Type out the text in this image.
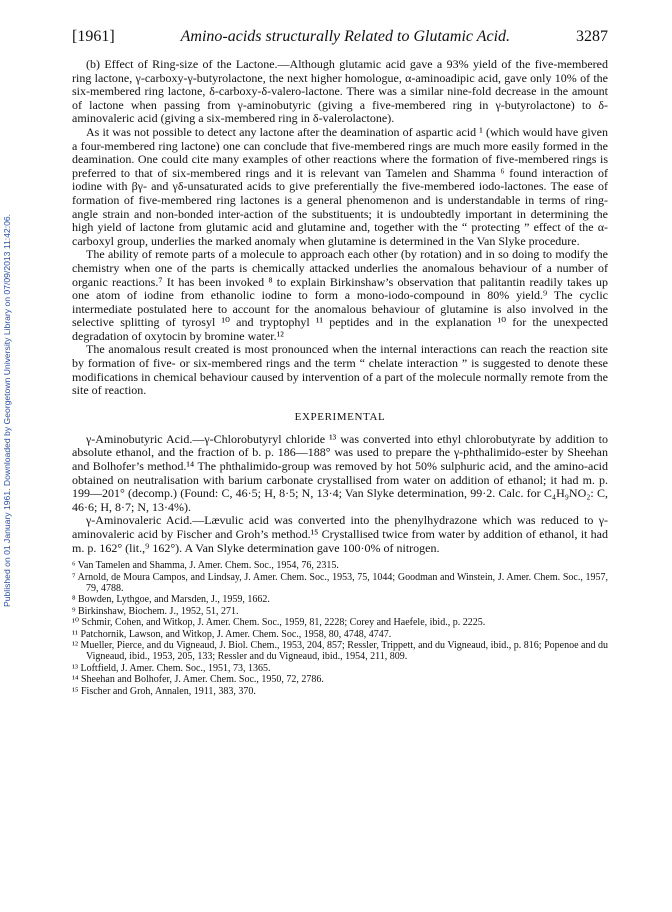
Published on 01 January 1961. Downloaded by Georgetown University Library on 07/09/2013 11:42:06.
[1961]	Amino-acids structurally Related to Glutamic Acid.	3287

(b) Effect of Ring-size of the Lactone.—Although glutamic acid gave a 93% yield of the five-membered ring lactone, γ-carboxy-γ-butyrolactone, the next higher homologue, α-aminoadipic acid, gave only 10% of the six-membered ring lactone, δ-carboxy-δ-valero-lactone. There was a similar nine-fold decrease in the amount of lactone when passing from γ-aminobutyric (giving a five-membered ring in γ-butyrolactone) to δ-aminovaleric acid (giving a six-membered ring in δ-valerolactone).

As it was not possible to detect any lactone after the deamination of aspartic acid ¹ (which would have given a four-membered ring lactone) one can conclude that five-membered rings are much more easily formed in the deamination. One could cite many examples of other reactions where the formation of five-membered rings is preferred to that of six-membered rings and it is relevant van Tamelen and Shamma ⁶ found interaction of iodine with βγ- and γδ-unsaturated acids to give preferentially the five-membered iodo-lactones. The ease of formation of five-membered ring lactones is a general phenomenon and is understandable in terms of ring-angle strain and non-bonded inter-action of the substituents; it is undoubtedly important in determining the high yield of lactone from glutamic acid and glutamine and, together with the “ protecting ” effect of the α-carboxyl group, underlies the marked anomaly when glutamine is determined in the Van Slyke procedure.

The ability of remote parts of a molecule to approach each other (by rotation) and in so doing to modify the chemistry when one of the parts is chemically attacked underlies the anomalous behaviour of a number of organic reactions.⁷ It has been invoked ⁸ to explain Birkinshaw’s observation that palitantin readily takes up one atom of iodine from ethanolic iodine to form a mono-iodo-compound in 80% yield.⁹ The cyclic intermediate postulated here to account for the anomalous behaviour of glutamine is also involved in the selective splitting of tyrosyl ¹⁰ and tryptophyl ¹¹ peptides and in the explanation ¹⁰ for the unexpected degradation of oxytocin by bromine water.¹²

The anomalous result created is most pronounced when the internal interactions can reach the reaction site by formation of five- or six-membered rings and the term “ chelate interaction ” is suggested to denote these modifications in chemical behaviour caused by intervention of a part of the molecule normally remote from the site of reaction.

EXPERIMENTAL

γ-Aminobutyric Acid.—γ-Chlorobutyryl chloride ¹³ was converted into ethyl chlorobutyrate by addition to absolute ethanol, and the fraction of b. p. 186—188° was used to prepare the γ-phthalimido-ester by Sheehan and Bolhofer’s method.¹⁴ The phthalimido-group was removed by hot 50% sulphuric acid, and the amino-acid obtained on neutralisation with barium carbonate crystallised from water on addition of ethanol; it had m. p. 199—201° (decomp.) (Found: C, 46·5; H, 8·5; N, 13·4; Van Slyke determination, 99·2. Calc. for C₄H₉NO₂: C, 46·6; H, 8·7; N, 13·4%).

γ-Aminovaleric Acid.—Lævulic acid was converted into the phenylhydrazone which was reduced to γ-aminovaleric acid by Fischer and Groh’s method.¹⁵ Crystallised twice from water by addition of ethanol, it had m. p. 162° (lit.,⁹ 162°). A Van Slyke determination gave 100·0% of nitrogen.

⁶ Van Tamelen and Shamma, J. Amer. Chem. Soc., 1954, 76, 2315.

⁷ Arnold, de Moura Campos, and Lindsay, J. Amer. Chem. Soc., 1953, 75, 1044; Goodman and Winstein, J. Amer. Chem. Soc., 1957, 79, 4788.

⁸ Bowden, Lythgoe, and Marsden, J., 1959, 1662.

⁹ Birkinshaw, Biochem. J., 1952, 51, 271.

¹⁰ Schmir, Cohen, and Witkop, J. Amer. Chem. Soc., 1959, 81, 2228; Corey and Haefele, ibid., p. 2225.

¹¹ Patchornik, Lawson, and Witkop, J. Amer. Chem. Soc., 1958, 80, 4748, 4747.

¹² Mueller, Pierce, and du Vigneaud, J. Biol. Chem., 1953, 204, 857; Ressler, Trippett, and du Vigneaud, ibid., p. 816; Popenoe and du Vigneaud, ibid., 1953, 205, 133; Ressler and du Vigneaud, ibid., 1954, 211, 809.

¹³ Loftfield, J. Amer. Chem. Soc., 1951, 73, 1365.

¹⁴ Sheehan and Bolhofer, J. Amer. Chem. Soc., 1950, 72, 2786.

¹⁵ Fischer and Groh, Annalen, 1911, 383, 370.
